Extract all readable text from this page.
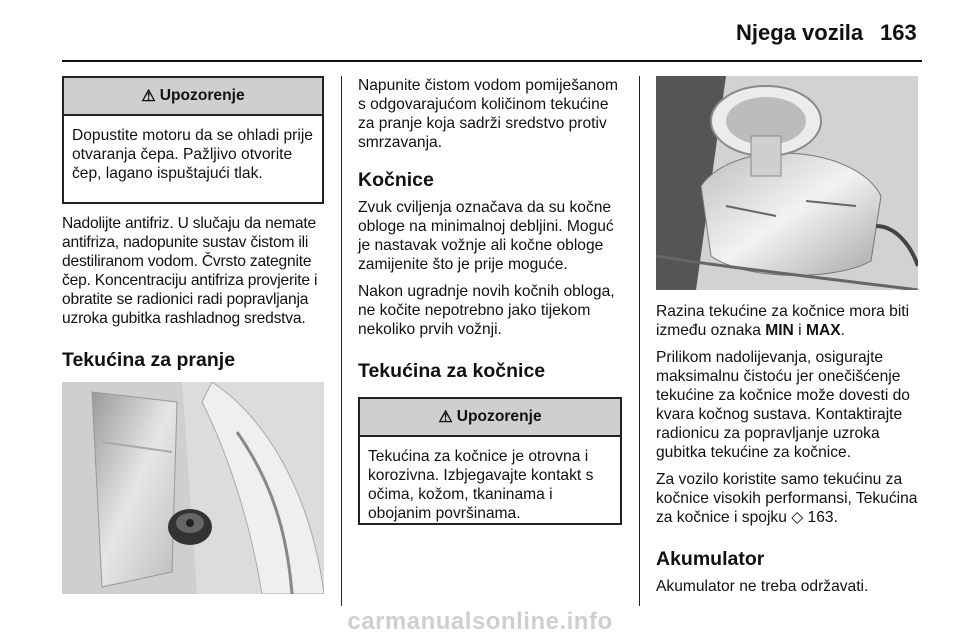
Njega vozila 163
⚠ Upozorenje
Dopustite motoru da se ohladi prije otvaranja čepa. Pažljivo otvorite čep, lagano ispuštajući tlak.

Nadolijte antifriz. U slučaju da nemate antifriza, nadopunite sustav čistom ili destiliranom vodom. Čvrsto zategnite čep. Koncentraciju antifriza provjerite i obratite se radionici radi popravljanja uzroka gubitka rashladnog sredstva.

Tekućina za pranje

Napunite čistom vodom pomiješanom s odgovarajućom količinom tekućine za pranje koja sadrži sredstvo protiv smrzavanja.

Kočnice

Zvuk cviljenja označava da su kočne obloge na minimalnoj debljini. Moguć je nastavak vožnje ali kočne obloge zamijenite što je prije moguće.

Nakon ugradnje novih kočnih obloga, ne kočite nepotrebno jako tijekom nekoliko prvih vožnji.

Tekućina za kočnice
⚠ Upozorenje
Tekućina za kočnice je otrovna i korozivna. Izbjegavajte kontakt s očima, kožom, tkaninama i obojanim površinama.

Razina tekućine za kočnice mora biti između oznaka MIN i MAX.

Prilikom nadolijevanja, osigurajte maksimalnu čistoću jer onečišćenje tekućine za kočnice može dovesti do kvara kočnog sustava. Kontaktirajte radionicu za popravljanje uzroka gubitka tekućine za kočnice.

Za vozilo koristite samo tekućinu za kočnice visokih performansi, Tekućina za kočnice i spojku ◇ 163.

Akumulator

Akumulator ne treba održavati.

carmanualsonline.info
